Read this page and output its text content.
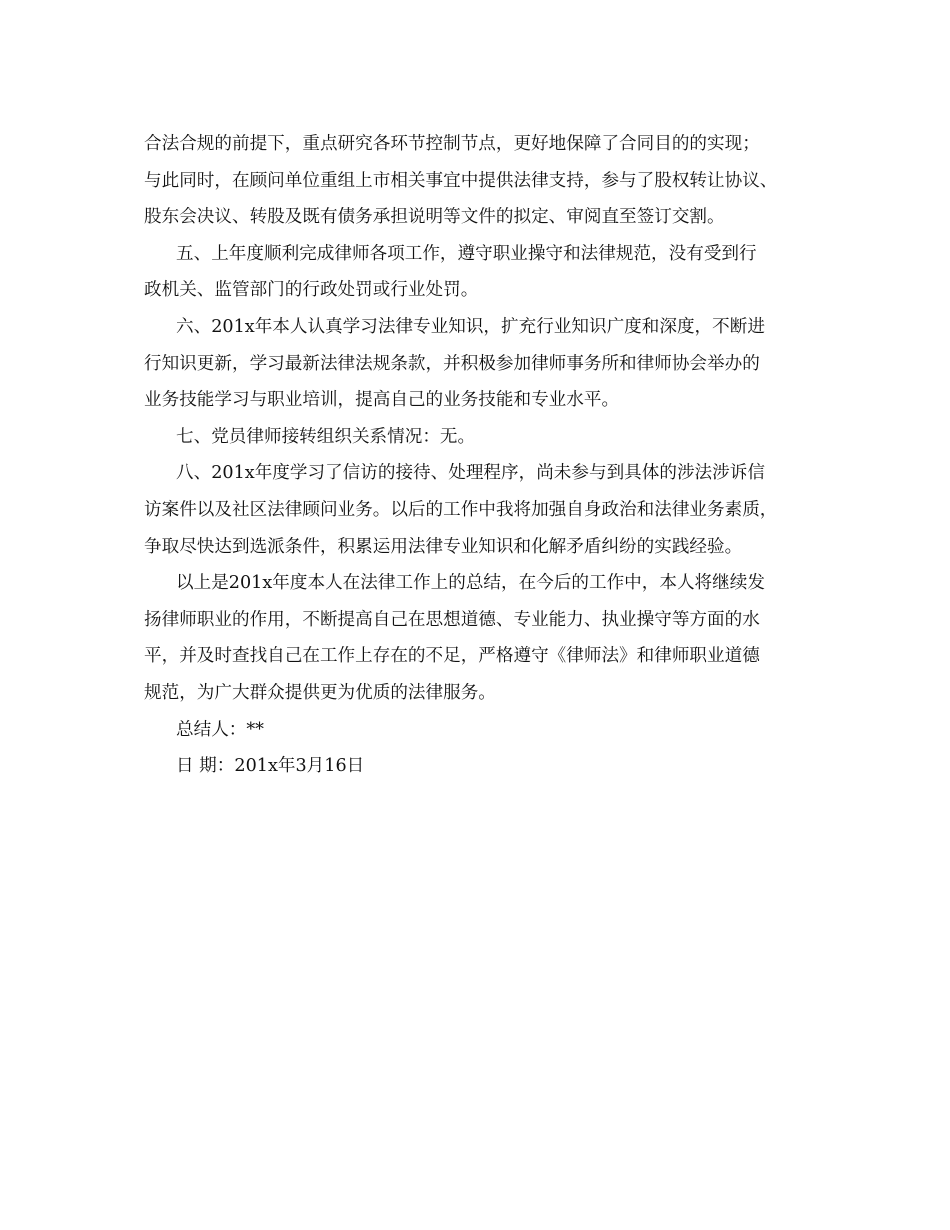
合法合规的前提下，重点研究各环节控制节点，更好地保障了合同目的的实现；
与此同时，在顾问单位重组上市相关事宜中提供法律支持，参与了股权转让协议、
股东会决议、转股及既有债务承担说明等文件的拟定、审阅直至签订交割。
五、上年度顺利完成律师各项工作，遵守职业操守和法律规范，没有受到行
政机关、监管部门的行政处罚或行业处罚。
六、201x年本人认真学习法律专业知识，扩充行业知识广度和深度，不断进
行知识更新，学习最新法律法规条款，并积极参加律师事务所和律师协会举办的
业务技能学习与职业培训，提高自己的业务技能和专业水平。
七、党员律师接转组织关系情况：无。
八、201x年度学习了信访的接待、处理程序，尚未参与到具体的涉法涉诉信
访案件以及社区法律顾问业务。以后的工作中我将加强自身政治和法律业务素质，
争取尽快达到选派条件，积累运用法律专业知识和化解矛盾纠纷的实践经验。
以上是201x年度本人在法律工作上的总结，在今后的工作中，本人将继续发
扬律师职业的作用，不断提高自己在思想道德、专业能力、执业操守等方面的水
平，并及时查找自己在工作上存在的不足，严格遵守《律师法》和律师职业道德
规范，为广大群众提供更为优质的法律服务。
总结人：**
日 期：201x年3月16日
